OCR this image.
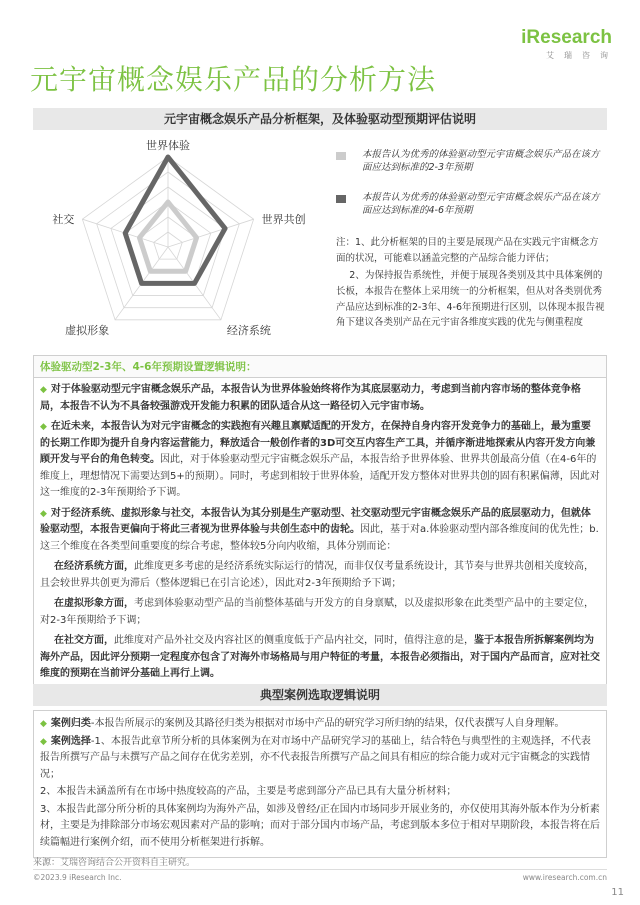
iResearch
艾瑞咨询
元宇宙概念娱乐产品的分析方法
元宇宙概念娱乐产品分析框架，及体验驱动型预期评估说明
世界体验
世界共创
经济系统
虚拟形象
社交
本报告认为优秀的体验驱动型元宇宙概念娱乐产品在该方面应达到标准的2-3年预期
本报告认为优秀的体验驱动型元宇宙概念娱乐产品在该方面应达到标准的4-6年预期

注：1、此分析框架的目的主要是展现产品在实践元宇宙概念方面的状况，可能难以涵盖完整的产品综合能力评估；

2、为保持报告系统性，并便于展现各类别及其中具体案例的长板，本报告在整体上采用统一的分析框架，但从对各类别优秀产品应达到标准的2-3年、4-6年预期进行区别，以体现本报告视角下建议各类别产品在元宇宙各维度实践的优先与侧重程度

体验驱动型2-3年、4-6年预期设置逻辑说明：

◆ 对于体验驱动型元宇宙概念娱乐产品，本报告认为世界体验始终将作为其底层驱动力，考虑到当前内容市场的整体竞争格局，本报告不认为不具备较强游戏开发能力积累的团队适合从这一路径切入元宇宙市场。

◆ 在近未来，本报告认为对元宇宙概念的实践抱有兴趣且禀赋适配的开发方，在保持自身内容开发竞争力的基础上，最为重要的长期工作即为提升自身内容运营能力，释放适合一般创作者的3D可交互内容生产工具，并循序渐进地探索从内容开发方向兼顾开发与平台的角色转变。因此，对于体验驱动型元宇宙概念娱乐产品，本报告给予世界体验、世界共创最高分值（在4-6年的维度上，理想情况下需要达到5+的预期）。同时，考虑到相较于世界体验，适配开发方整体对世界共创的固有积累偏薄，因此对这一维度的2-3年预期给予下调。

◆ 对于经济系统、虚拟形象与社交，本报告认为其分别是生产驱动型、社交驱动型元宇宙概念娱乐产品的底层驱动力，但就体验驱动型，本报告更偏向于将此三者视为世界体验与共创生态中的齿轮。因此，基于对a.体验驱动型内部各维度间的优先性；b.这三个维度在各类型间重要度的综合考虑，整体较5分向内收缩，具体分别而论：

在经济系统方面，此维度更多考虑的是经济系统实际运行的情况，而非仅仅考量系统设计，其节奏与世界共创相关度较高，且会较世界共创更为滞后（整体逻辑已在引言论述），因此对2-3年预期给予下调；

在虚拟形象方面，考虑到体验驱动型产品的当前整体基础与开发方的自身禀赋，以及虚拟形象在此类型产品中的主要定位，对2-3年预期给予下调；

在社交方面，此维度对产品外社交及内容社区的侧重度低于产品内社交，同时，值得注意的是，鉴于本报告所拆解案例均为海外产品，因此评分预期一定程度亦包含了对海外市场格局与用户特征的考量，本报告必须指出，对于国内产品而言，应对社交维度的预期在当前评分基础上再行上调。

典型案例选取逻辑说明

◆ 案例归类-本报告所展示的案例及其路径归类为根据对市场中产品的研究学习所归纳的结果，仅代表撰写人自身理解。

◆ 案例选择-1、本报告此章节所分析的具体案例为在对市场中产品研究学习的基础上，结合特色与典型性的主观选择，不代表报告所撰写产品与未撰写产品之间存在优劣差别，亦不代表报告所撰写产品之间具有相应的综合能力或对元宇宙概念的实践情况；

2、本报告未涵盖所有在市场中热度较高的产品，主要是考虑到部分产品已具有大量分析材料；

3、本报告此部分所分析的具体案例均为海外产品，如涉及曾经/正在国内市场同步开展业务的，亦仅使用其海外版本作为分析素材，主要是为排除部分市场宏观因素对产品的影响；而对于部分国内市场产品，考虑到版本多位于相对早期阶段，本报告将在后续篇幅进行案例介绍，而不使用分析框架进行拆解。

来源：艾瑞咨询结合公开资料自主研究。
©2023.9 iResearch Inc.	www.iresearch.com.cn
11
